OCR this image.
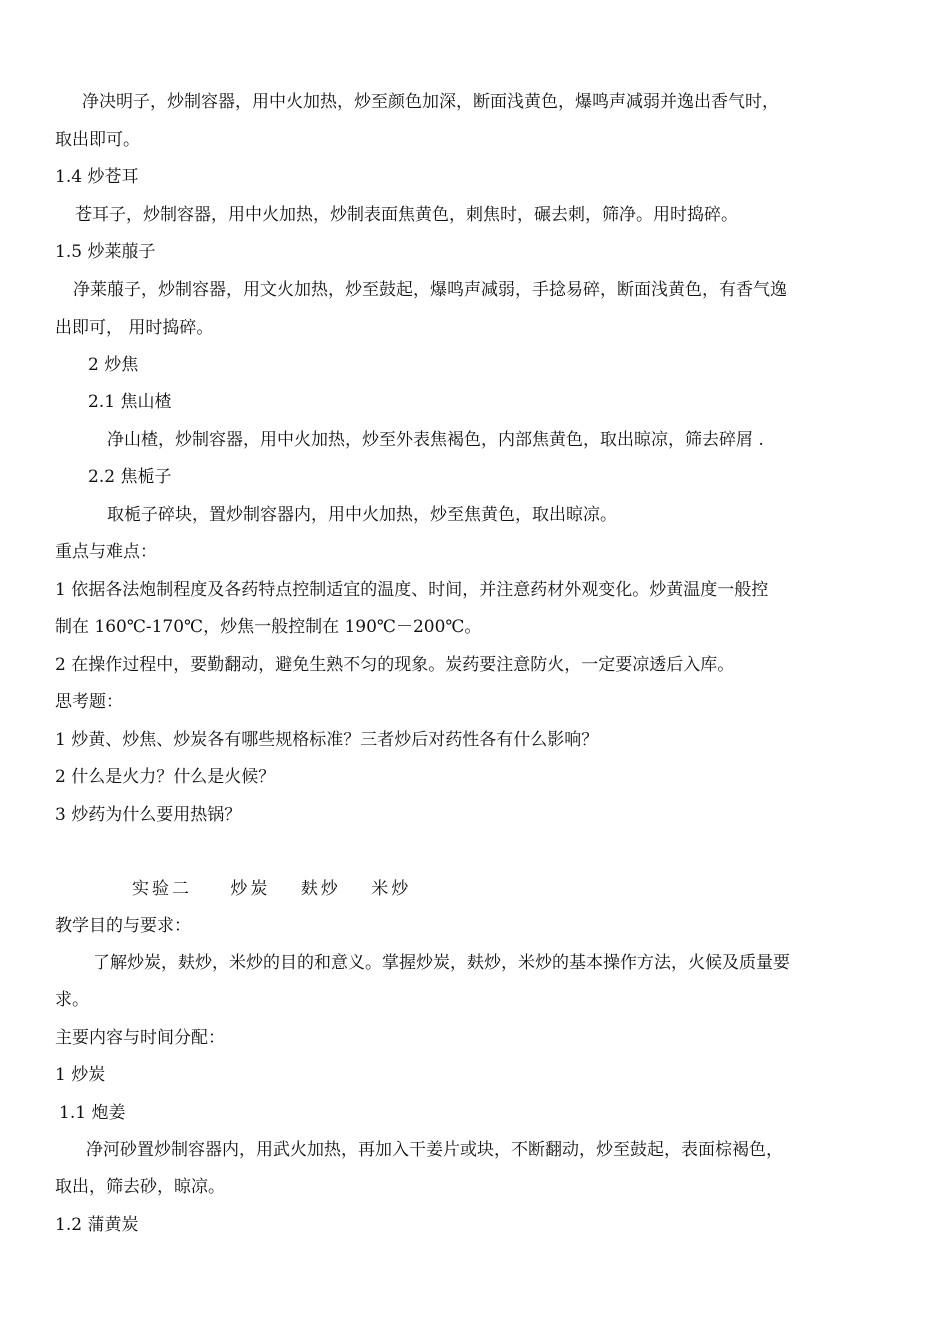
净决明子，炒制容器，用中火加热，炒至颜色加深，断面浅黄色，爆鸣声减弱并逸出香气时，
取出即可。
1.4 炒苍耳
苍耳子，炒制容器，用中火加热，炒制表面焦黄色，刺焦时，碾去刺，筛净。用时捣碎。
1.5 炒莱菔子
净莱菔子，炒制容器，用文火加热，炒至鼓起，爆鸣声减弱，手捻易碎，断面浅黄色，有香气逸
出即可， 用时捣碎。
2 炒焦
2.1 焦山楂
净山楂，炒制容器，用中火加热，炒至外表焦褐色，内部焦黄色，取出晾凉，筛去碎屑 .
2.2 焦栀子
取栀子碎块，置炒制容器内，用中火加热，炒至焦黄色，取出晾凉。
重点与难点：
1 依据各法炮制程度及各药特点控制适宜的温度、时间，并注意药材外观变化。炒黄温度一般控
制在 160℃-170℃，炒焦一般控制在 190℃－200℃。
2 在操作过程中，要勤翻动，避免生熟不匀的现象。炭药要注意防火，一定要凉透后入库。
思考题：
1 炒黄、炒焦、炒炭各有哪些规格标准？三者炒后对药性各有什么影响？
2 什么是火力？什么是火候？
3 炒药为什么要用热锅？
实验二 炒炭 麸炒 米炒
教学目的与要求：
了解炒炭，麸炒，米炒的目的和意义。掌握炒炭，麸炒，米炒的基本操作方法，火候及质量要
求。
主要内容与时间分配：
1 炒炭
1.1 炮姜
净河砂置炒制容器内，用武火加热，再加入干姜片或块，不断翻动，炒至鼓起，表面棕褐色，
取出，筛去砂，晾凉。
1.2 蒲黄炭
